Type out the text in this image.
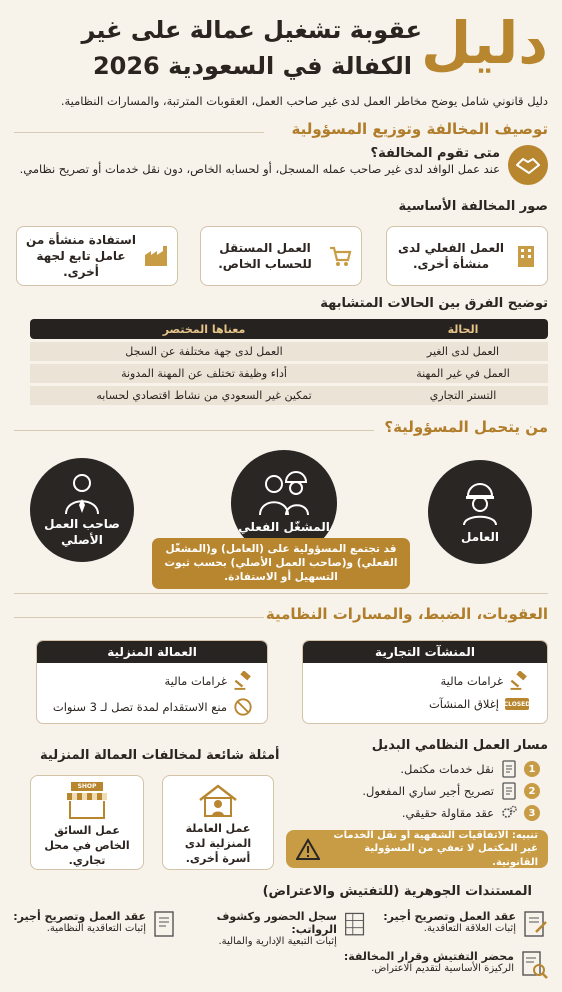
دليل
عقوبة تشغيل عمالة على غير
الكفالة في السعودية 2026
دليل قانوني شامل يوضح مخاطر العمل لدى غير صاحب العمل، العقوبات المترتبة، والمسارات النظامية.
توصيف المخالفة وتوزيع المسؤولية
متى تقوم المخالفة؟
عند عمل الوافد لدى غير صاحب عمله المسجل، أو لحسابه الخاص، دون نقل خدمات أو تصريح نظامي.
صور المخالفة الأساسية
العمل الفعلي لدى منشأة أخرى.
العمل المستقل للحساب الخاص.
استفادة منشأة من عامل تابع لجهة أخرى.
توضيح الفرق بين الحالات المتشابهة
الحالة	معناها المختصر
العمل لدى الغير	العمل لدى جهة مختلفة عن السجل
العمل في غير المهنة	أداء وظيفة تختلف عن المهنة المدونة
التستر التجاري	تمكين غير السعودي من نشاط اقتصادي لحسابه
من يتحمل المسؤولية؟
العامل
المشغّل الفعلي
صاحب العمل الأصلي
قد تجتمع المسؤولية على (العامل) و(المشغّل الفعلي) و(صاحب العمل الأصلي) بحسب ثبوت التسهيل أو الاستفادة.
العقوبات، الضبط، والمسارات النظامية
المنشآت التجارية
غرامات مالية
CLOSED
إغلاق المنشآت
العمالة المنزلية
غرامات مالية
منع الاستقدام لمدة تصل لـ 3 سنوات
مسار العمل النظامي البديل
1
نقل خدمات مكتمل.
2
تصريح أجير ساري المفعول.
3
عقد مقاولة حقيقي.
تنبيه: الاتفاقيات الشفهية أو نقل الخدمات غير المكتمل لا تعفي من المسؤولية القانونية.
أمثلة شائعة لمخالفات العمالة المنزلية
عمل العاملة المنزلية لدى أسرة أخرى.
SHOP
عمل السائق الخاص في محل تجاري.
المستندات الجوهرية (للتفتيش والاعتراض)
عقد العمل وتصريح أجير:
إثبات العلاقة التعاقدية.
سجل الحضور وكشوف الرواتب:
إثبات التبعية الإدارية والمالية.
عقد العمل وتصريح أجير:
إثبات التعاقدية النظامية.
محضر التفتيش وقرار المخالفة:
الركيزة الأساسية لتقديم الاعتراض.
